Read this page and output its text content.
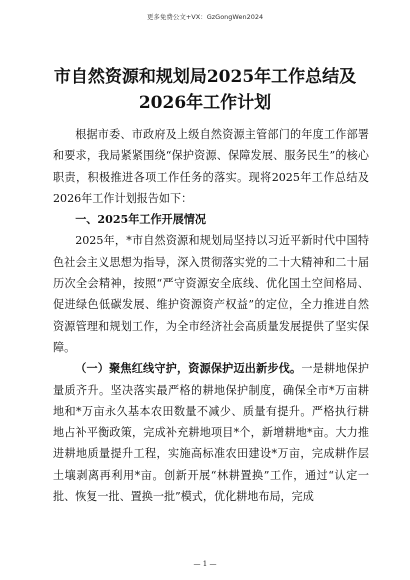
更多免费公文+VX：GzGongWen2024
市自然资源和规划局2025年工作总结及
2026年工作计划

根据市委、市政府及上级自然资源主管部门的年度工作部署和要求，我局紧紧围绕“保护资源、保障发展、服务民生”的核心职责，积极推进各项工作任务的落实。现将2025年工作总结及2026年工作计划报告如下：

一、2025年工作开展情况

2025年，*市自然资源和规划局坚持以习近平新时代中国特色社会主义思想为指导，深入贯彻落实党的二十大精神和二十届历次全会精神，按照“严守资源安全底线、优化国土空间格局、促进绿色低碳发展、维护资源资产权益”的定位，全力推进自然资源管理和规划工作，为全市经济社会高质量发展提供了坚实保障。

（一）聚焦红线守护，资源保护迈出新步伐。一是耕地保护量质齐升。坚决落实最严格的耕地保护制度，确保全市*万亩耕地和*万亩永久基本农田数量不减少、质量有提升。严格执行耕地占补平衡政策，完成补充耕地项目*个，新增耕地*亩。大力推进耕地质量提升工程，实施高标准农田建设*万亩，完成耕作层土壤剥离再利用*亩。创新开展“林耕置换”工作，通过“认定一批、恢复一批、置换一批”模式，优化耕地布局，完成

— 1 —
